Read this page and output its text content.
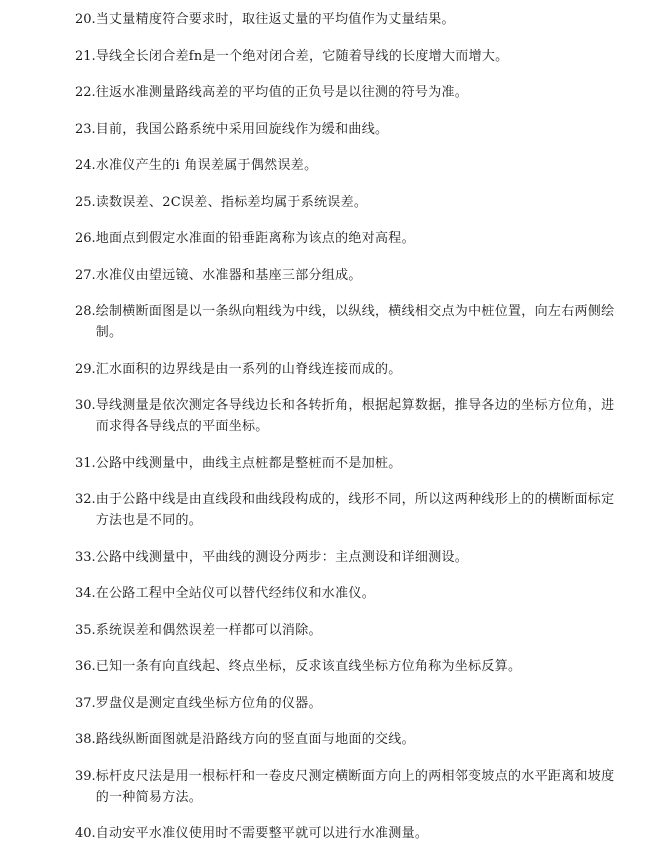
20. 当丈量精度符合要求时，取往返丈量的平均值作为丈量结果。
21. 导线全长闭合差fn是一个绝对闭合差，它随着导线的长度增大而增大。
22. 往返水准测量路线高差的平均值的正负号是以往测的符号为准。
23. 目前，我国公路系统中采用回旋线作为缓和曲线。
24. 水准仪产生的i 角误差属于偶然误差。
25. 读数误差、2C误差、指标差均属于系统误差。
26. 地面点到假定水准面的铅垂距离称为该点的绝对高程。
27. 水准仪由望远镜、水准器和基座三部分组成。
28. 绘制横断面图是以一条纵向粗线为中线，以纵线，横线相交点为中桩位置，向左右两侧绘制。
29. 汇水面积的边界线是由一系列的山脊线连接而成的。
30. 导线测量是依次测定各导线边长和各转折角，根据起算数据，推导各边的坐标方位角，进而求得各导线点的平面坐标。
31. 公路中线测量中，曲线主点桩都是整桩而不是加桩。
32. 由于公路中线是由直线段和曲线段构成的，线形不同，所以这两种线形上的的横断面标定方法也是不同的。
33. 公路中线测量中，平曲线的测设分两步：主点测设和详细测设。
34. 在公路工程中全站仪可以替代经纬仪和水准仪。
35. 系统误差和偶然误差一样都可以消除。
36. 已知一条有向直线起、终点坐标，反求该直线坐标方位角称为坐标反算。
37. 罗盘仪是测定直线坐标方位角的仪器。
38. 路线纵断面图就是沿路线方向的竖直面与地面的交线。
39. 标杆皮尺法是用一根标杆和一卷皮尺测定横断面方向上的两相邻变坡点的水平距离和坡度的一种简易方法。
40. 自动安平水准仪使用时不需要整平就可以进行水准测量。
